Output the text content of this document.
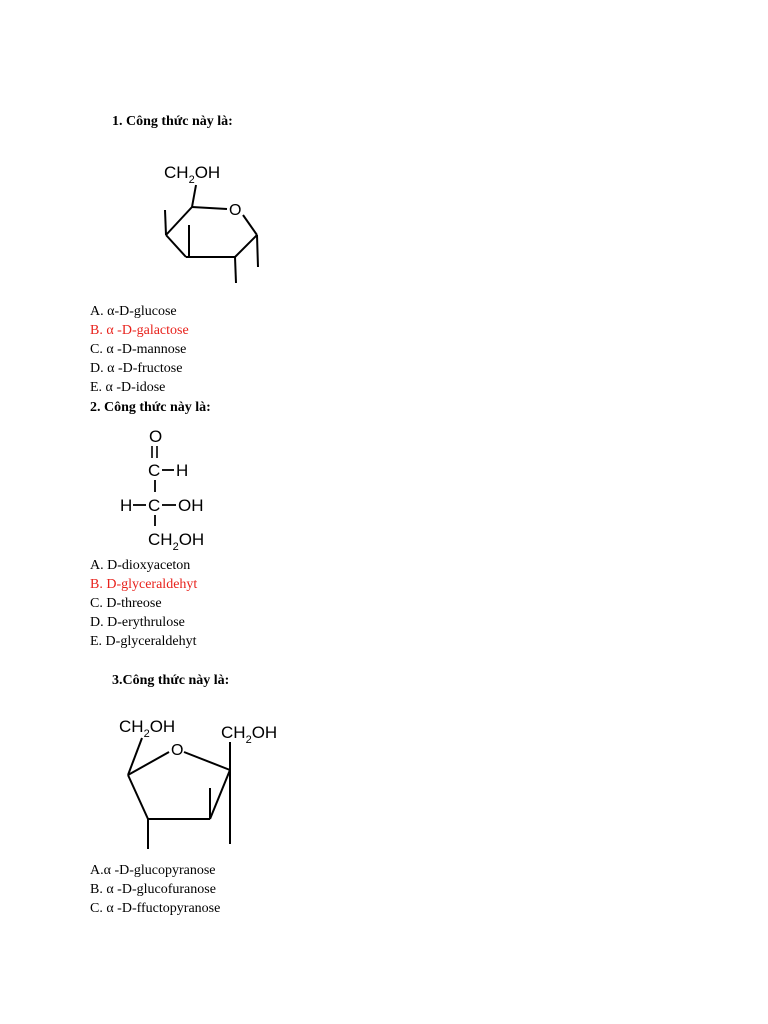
1. Công thức này là:
$CH_2OH$
O
A. α-D-glucose
B. α -D-galactose
C. α -D-mannose
D. α -D-fructose
E. α -D-idose
2. Công thức này là:
O
C H
H C OH
$CH_2OH$
A. D-dioxyaceton
B. D-glyceraldehyt
C. D-threose
D. D-erythrulose
E. D-glyceraldehyt
3.Công thức này là:
$CH_2OH$	$CH_2OH$
O
A.α -D-glucopyranose
B. α -D-glucofuranose
C. α -D-ffuctopyranose
